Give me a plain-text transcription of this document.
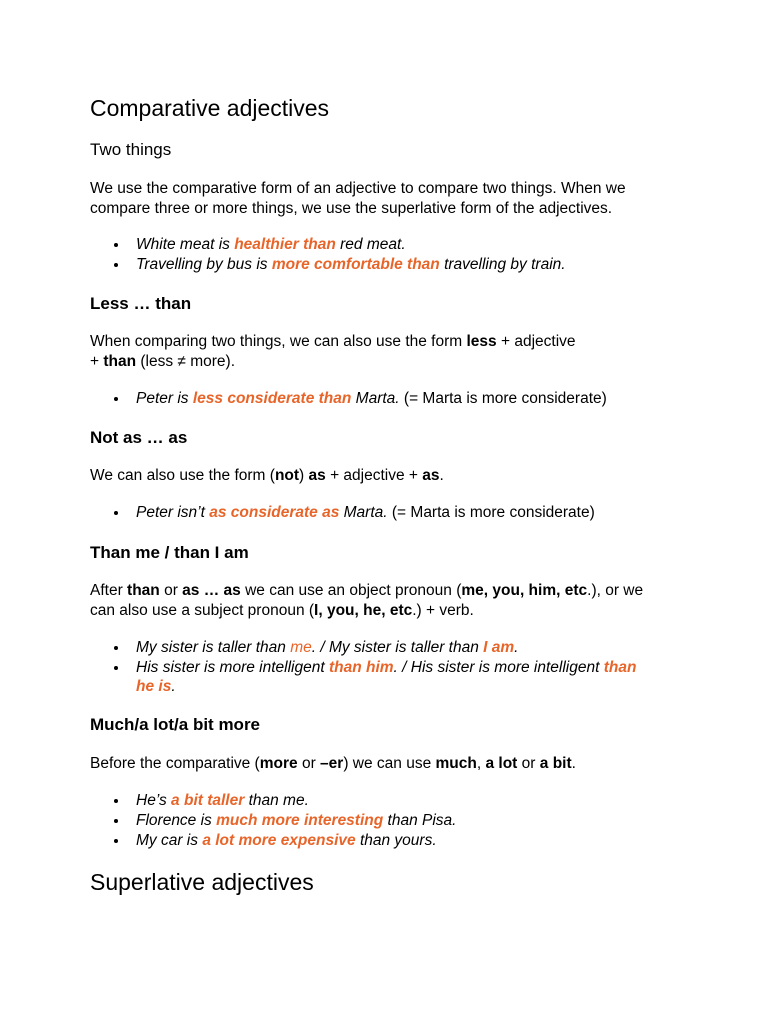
Comparative adjectives
Two things

We use the comparative form of an adjective to compare two things. When we

compare three or more things, we use the superlative form of the adjectives.

White meat is healthier than red meat.
Travelling by bus is more comfortable than travelling by train.
Less … than

When comparing two things, we can also use the form less + adjective

+ than (less ≠ more).

Peter is less considerate than Marta. (= Marta is more considerate)
Not as … as

We can also use the form (not) as + adjective + as.

Peter isn’t as considerate as Marta. (= Marta is more considerate)
Than me / than I am

After than or as … as we can use an object pronoun (me, you, him, etc.), or we

can also use a subject pronoun (I, you, he, etc.) + verb.

My sister is taller than me. / My sister is taller than I am.
His sister is more intelligent than him. / His sister is more intelligent than
he is.
Much/a lot/a bit more

Before the comparative (more or –er) we can use much, a lot or a bit.

He’s a bit taller than me.
Florence is much more interesting than Pisa.
My car is a lot more expensive than yours.
Superlative adjectives
